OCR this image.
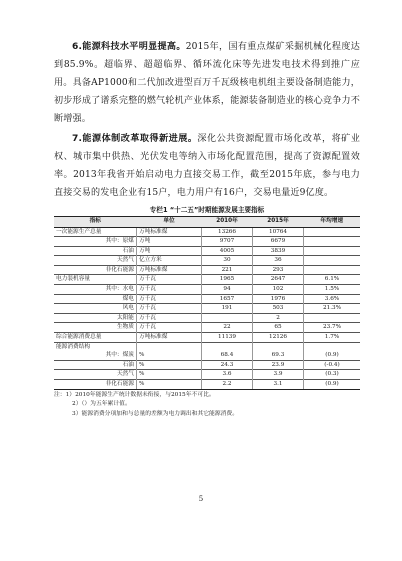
6.能源科技水平明显提高。2015年，国有重点煤矿采掘机械化程度达到85.9%。超临界、超超临界、循环流化床等先进发电技术得到推广应用。具备AP1000和二代加改进型百万千瓦级核电机组主要设备制造能力，初步形成了谱系完整的燃气轮机产业体系，能源装备制造业的核心竞争力不断增强。

7.能源体制改革取得新进展。深化公共资源配置市场化改革，将矿业权、城市集中供热、光伏发电等纳入市场化配置范围，提高了资源配置效率。2013年我省开始启动电力直接交易工作，截至2015年底，参与电力直接交易的发电企业有15户，电力用户有16户，交易电量近9亿度。

专栏1 “十二五”时期能源发展主要指标
指标	单位	2010年	2015年	年均增速
一次能源生产总量	万吨标准煤	13266	10764	
其中：原煤	万吨	9707	6679	
石油	万吨	4005	3839	
天然气	亿立方米	30	36	
非化石能源	万吨标准煤	221	293	
电力装机容量	万千瓦	1965	2647	6.1%
其中：水电	万千瓦	94	102	1.5%
煤电	万千瓦	1657	1976	3.6%
风电	万千瓦	191	503	21.3%
太阳能	万千瓦		2	
生物质	万千瓦	22	65	23.7%
综合能源消费总量	万吨标准煤	11139	12126	1.7%
能源消费结构				
其中：煤炭	%	68.4	69.3	(0.9)
石油	%	24.3	23.9	(-0.4)
天然气	%	3.6	3.9	(0.3)
非化石能源	%	2.2	3.1	(0.9)
注：1）2010年能源生产统计数据未衔接，与2015年不可比。
2）（）为五年累计值。
3）能源消费分项加和与总量的差额为电力调出和其它能源消费。
5
